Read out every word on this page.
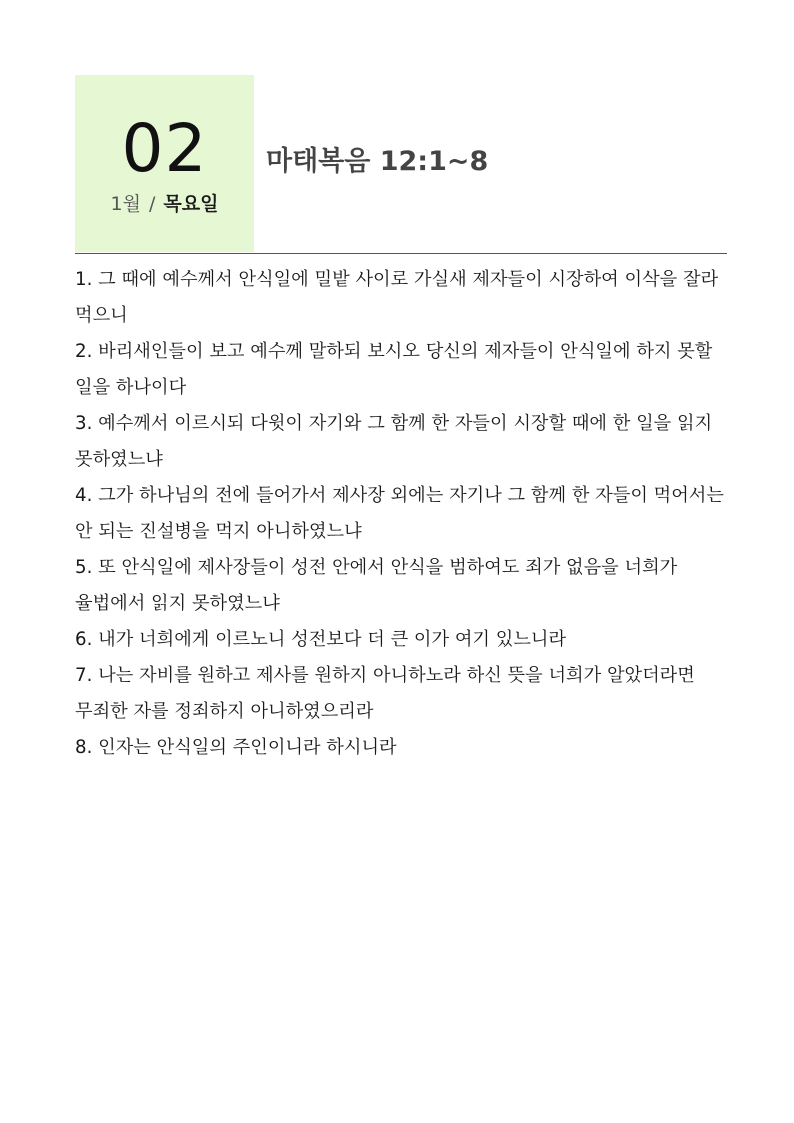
02
1월 / 목요일
마태복음 12:1~8

1. 그 때에 예수께서 안식일에 밀밭 사이로 가실새 제자들이 시장하여 이삭을 잘라 먹으니

2. 바리새인들이 보고 예수께 말하되 보시오 당신의 제자들이 안식일에 하지 못할 일을 하나이다

3. 예수께서 이르시되 다윗이 자기와 그 함께 한 자들이 시장할 때에 한 일을 읽지 못하였느냐

4. 그가 하나님의 전에 들어가서 제사장 외에는 자기나 그 함께 한 자들이 먹어서는 안 되는 진설병을 먹지 아니하였느냐

5. 또 안식일에 제사장들이 성전 안에서 안식을 범하여도 죄가 없음을 너희가 율법에서 읽지 못하였느냐

6. 내가 너희에게 이르노니 성전보다 더 큰 이가 여기 있느니라

7. 나는 자비를 원하고 제사를 원하지 아니하노라 하신 뜻을 너희가 알았더라면 무죄한 자를 정죄하지 아니하였으리라

8. 인자는 안식일의 주인이니라 하시니라
